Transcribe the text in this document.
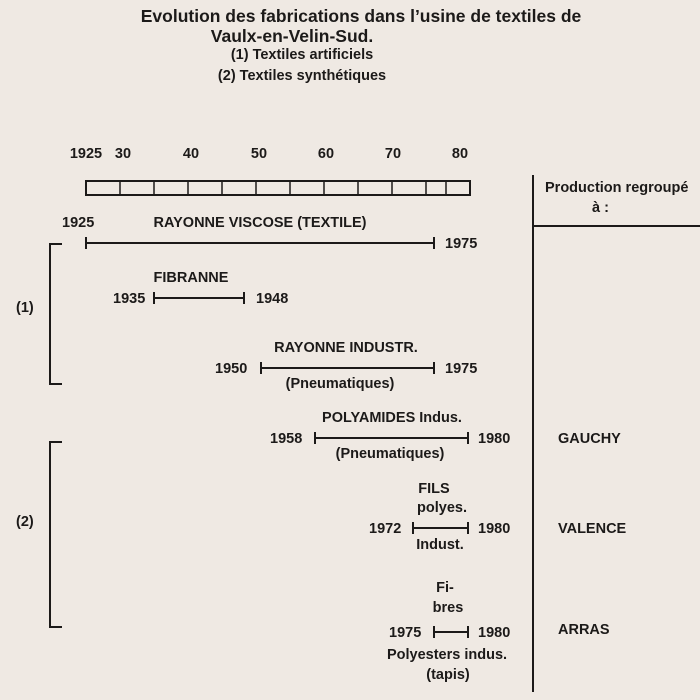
Evolution des fabrications dans l’usine de textiles de
Vaulx-en-Velin-Sud.
(1) Textiles artificiels
(2) Textiles synthétiques
1925 30	40	50	60	70	80
Production regroupé
à :
(1)
(2)
1925	RAYONNE VISCOSE (TEXTILE)
1975
FIBRANNE
1935	1948
RAYONNE INDUSTR.
1950	1975
(Pneumatiques)
POLYAMIDES Indus.
1958	1980
(Pneumatiques)
GAUCHY
FILS
polyes.
1972	1980
Indust.
VALENCE
Fi-
bres
1975	1980
Polyesters indus.
(tapis)
ARRAS
